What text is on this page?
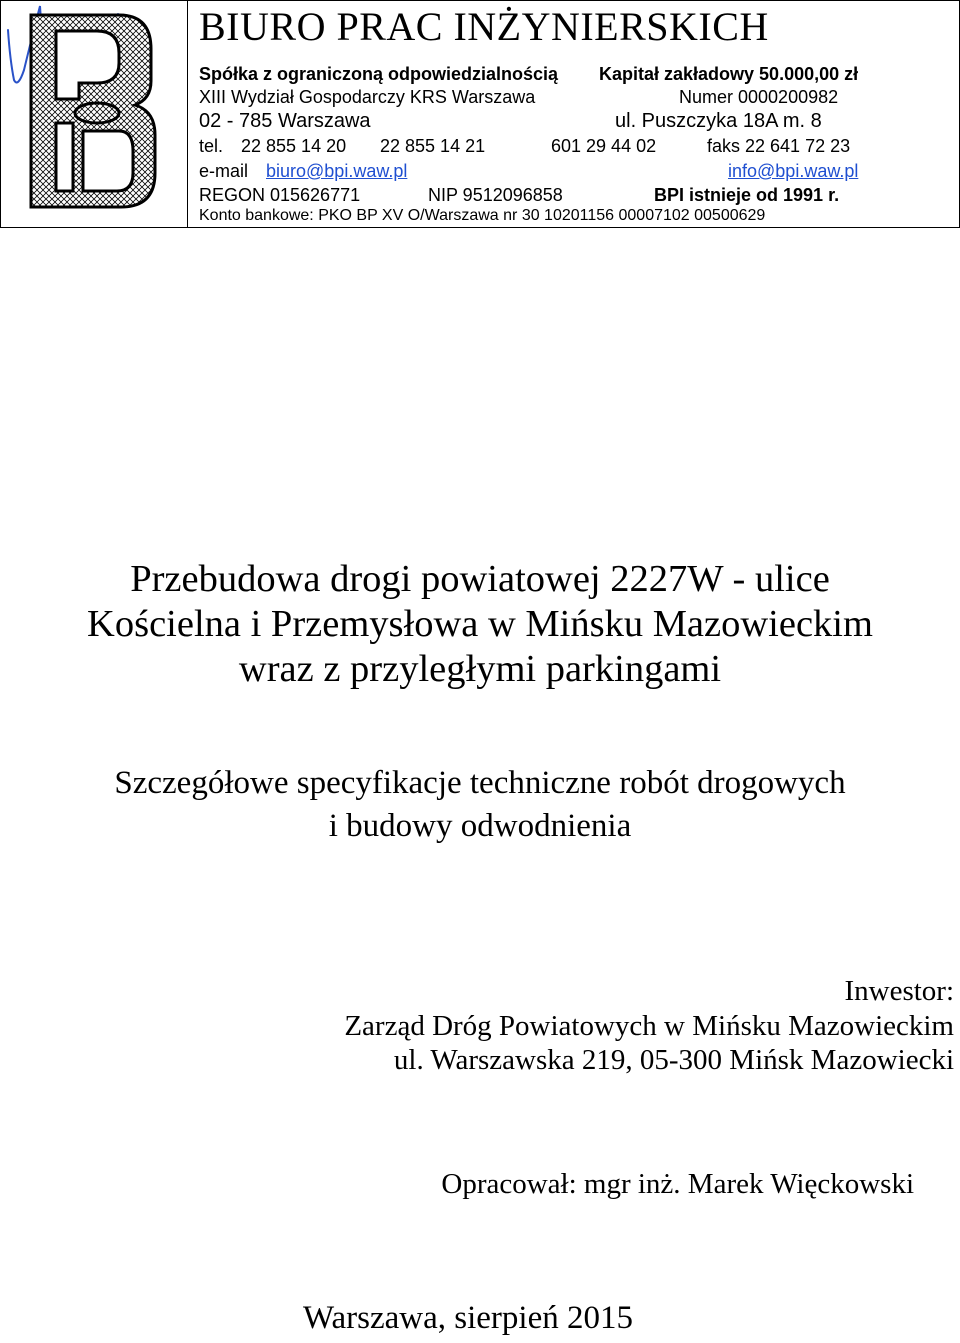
BIURO PRAC INŻYNIERSKICH
Spółka z ograniczoną odpowiedzialnością Kapitał zakładowy 50.000,00 zł
XIII Wydział Gospodarczy KRS Warszawa	Numer 0000200982
02 - 785 Warszawa	ul. Puszczyka 18A m. 8
tel. 22 855 14 20 22 855 14 21	601 29 44 02	faks 22 641 72 23
e-mail biuro@bpi.waw.pl	info@bpi.waw.pl
REGON 015626771	NIP 9512096858	BPI istnieje od 1991 r.
Konto bankowe: PKO BP XV O/Warszawa nr 30 10201156 00007102 00500629
Przebudowa drogi powiatowej 2227W - ulice
Kościelna i Przemysłowa w Mińsku Mazowieckim
wraz z przyległymi parkingami
Szczegółowe specyfikacje techniczne robót drogowych
i budowy odwodnienia
Inwestor:
Zarząd Dróg Powiatowych w Mińsku Mazowieckim
ul. Warszawska 219, 05-300 Mińsk Mazowiecki
Opracował: mgr inż. Marek Więckowski
Warszawa, sierpień 2015
